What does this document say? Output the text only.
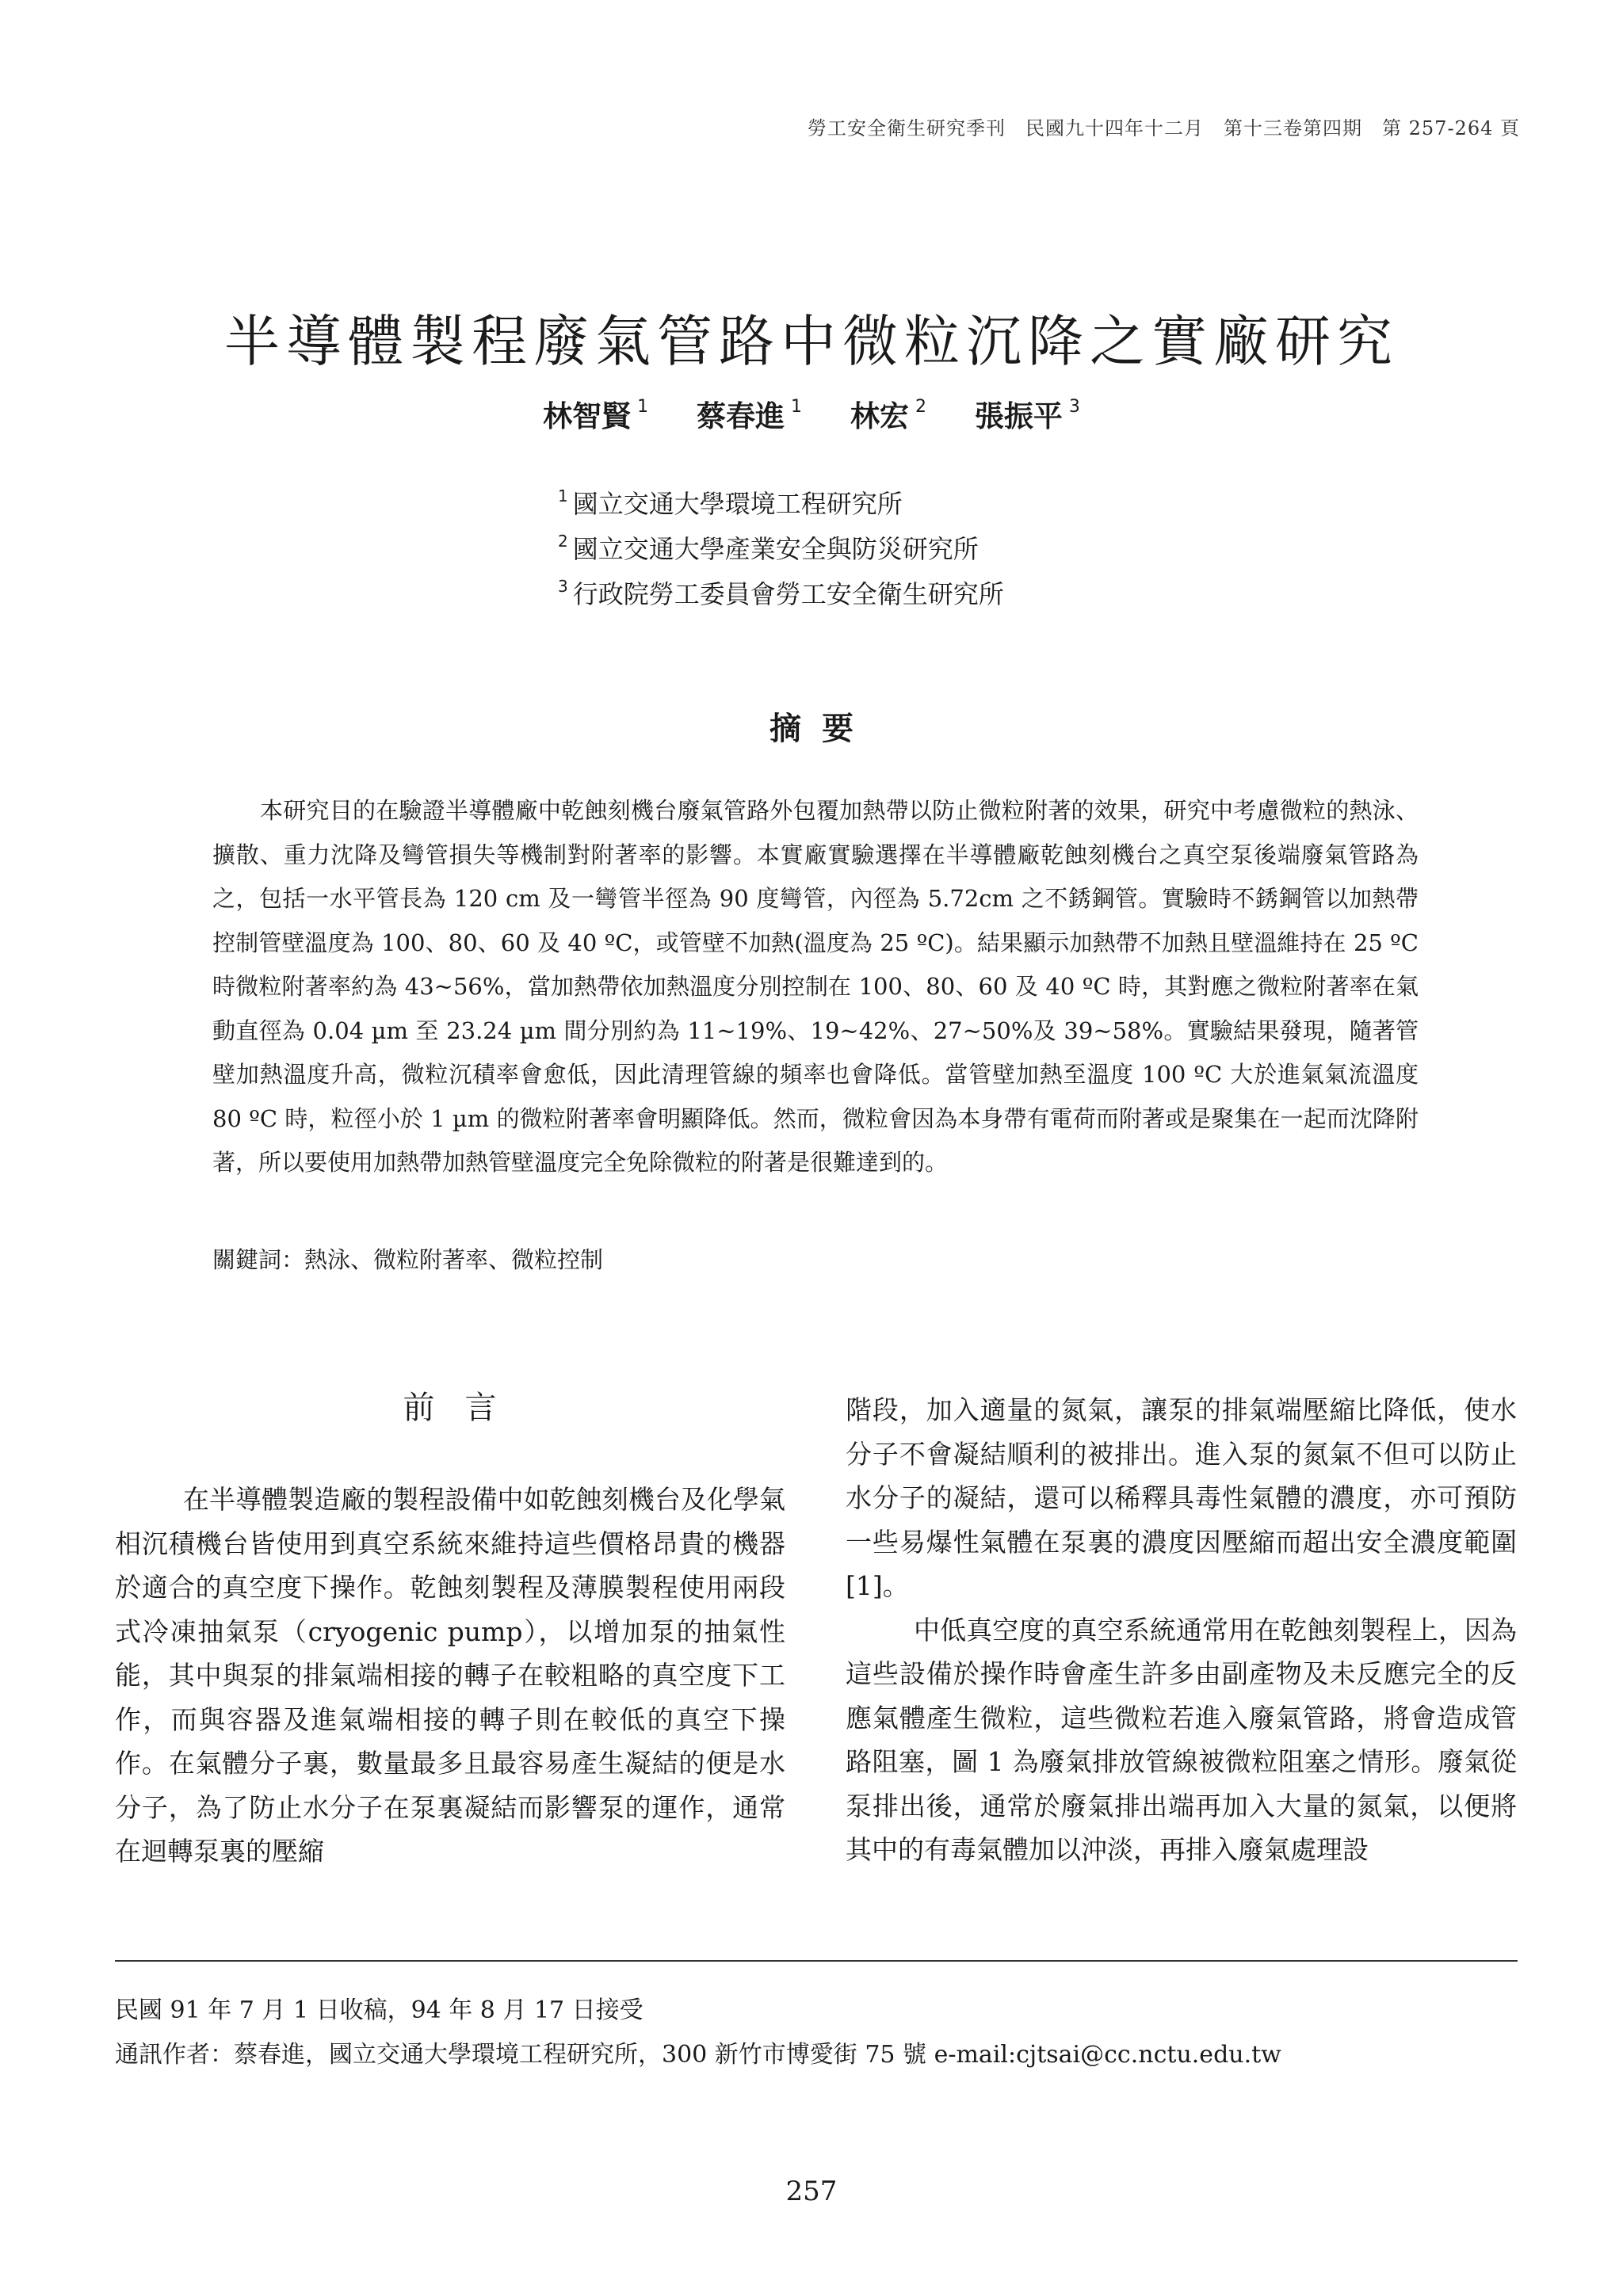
勞工安全衛生研究季刊　民國九十四年十二月　第十三卷第四期　第 257-264 頁
半導體製程廢氣管路中微粒沉降之實廠研究
林智賢 $^1$ 蔡春進 $^1$ 林宏 $^2$ 張振平 $^3$
$^1$ 國立交通大學環境工程研究所
$^2$ 國立交通大學產業安全與防災研究所
$^3$ 行政院勞工委員會勞工安全衛生研究所
摘要

本研究目的在驗證半導體廠中乾蝕刻機台廢氣管路外包覆加熱帶以防止微粒附著的效果，研究中考慮微粒的熱泳、擴散、重力沈降及彎管損失等機制對附著率的影響。本實廠實驗選擇在半導體廠乾蝕刻機台之真空泵後端廢氣管路為之，包括一水平管長為 120 cm 及一彎管半徑為 90 度彎管，內徑為 5.72cm 之不銹鋼管。實驗時不銹鋼管以加熱帶控制管壁溫度為 100、80、60 及 40 ºC，或管壁不加熱(溫度為 25 ºC)。結果顯示加熱帶不加熱且壁溫維持在 25 ºC 時微粒附著率約為 43~56%，當加熱帶依加熱溫度分別控制在 100、80、60 及 40 ºC 時，其對應之微粒附著率在氣動直徑為 0.04 µm 至 23.24 µm 間分別約為 11~19%、19~42%、27~50%及 39~58%。實驗結果發現，隨著管壁加熱溫度升高，微粒沉積率會愈低，因此清理管線的頻率也會降低。當管壁加熱至溫度 100 ºC 大於進氣氣流溫度 80 ºC 時，粒徑小於 1 µm 的微粒附著率會明顯降低。然而，微粒會因為本身帶有電荷而附著或是聚集在一起而沈降附著，所以要使用加熱帶加熱管壁溫度完全免除微粒的附著是很難達到的。

關鍵詞：熱泳、微粒附著率、微粒控制
前言

在半導體製造廠的製程設備中如乾蝕刻機台及化學氣相沉積機台皆使用到真空系統來維持這些價格昂貴的機器於適合的真空度下操作。乾蝕刻製程及薄膜製程使用兩段式冷凍抽氣泵（cryogenic pump），以增加泵的抽氣性能，其中與泵的排氣端相接的轉子在較粗略的真空度下工作，而與容器及進氣端相接的轉子則在較低的真空下操作。在氣體分子裏，數量最多且最容易產生凝結的便是水分子，為了防止水分子在泵裏凝結而影響泵的運作，通常在迴轉泵裏的壓縮

階段，加入適量的氮氣，讓泵的排氣端壓縮比降低，使水分子不會凝結順利的被排出。進入泵的氮氣不但可以防止水分子的凝結，還可以稀釋具毒性氣體的濃度，亦可預防一些易爆性氣體在泵裏的濃度因壓縮而超出安全濃度範圍[1]。

中低真空度的真空系統通常用在乾蝕刻製程上，因為這些設備於操作時會產生許多由副產物及未反應完全的反應氣體產生微粒，這些微粒若進入廢氣管路，將會造成管路阻塞，圖 1 為廢氣排放管線被微粒阻塞之情形。廢氣從泵排出後，通常於廢氣排出端再加入大量的氮氣，以便將其中的有毒氣體加以沖淡，再排入廢氣處理設

民國 91 年 7 月 1 日收稿，94 年 8 月 17 日接受
通訊作者：蔡春進，國立交通大學環境工程研究所，300 新竹市博愛街 75 號 e-mail:cjtsai@cc.nctu.edu.tw
257
